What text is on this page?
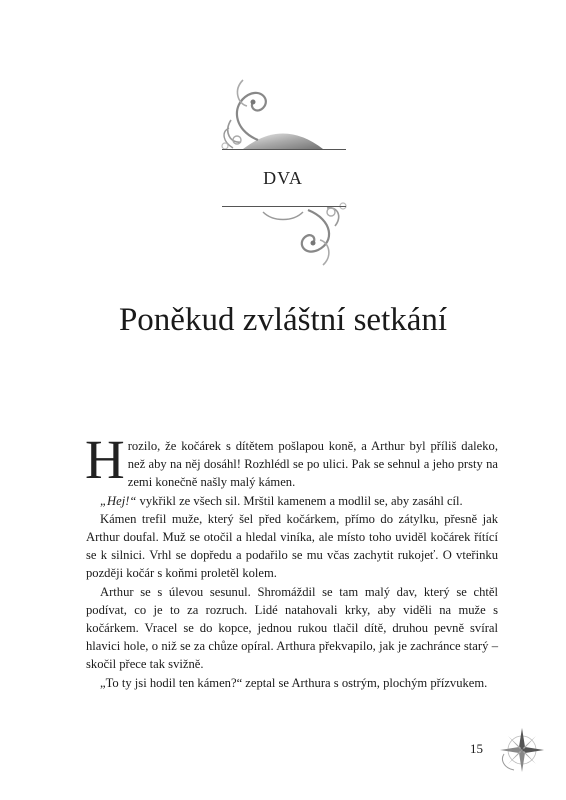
DVA
Poněkud zvláštní setkání

Hrozilo, že kočárek s dítětem pošlapou koně, a Arthur byl příliš daleko, než aby na něj dosáhl! Rozhlédl se po ulici. Pak se sehnul a jeho prsty na zemi konečně našly malý kámen.

„Hej!“ vykřikl ze všech sil. Mrštil kamenem a modlil se, aby zasáhl cíl.

Kámen trefil muže, který šel před kočárkem, přímo do zátylku, přesně jak Arthur doufal. Muž se otočil a hledal viníka, ale místo toho uviděl kočárek řítící se k silnici. Vrhl se dopředu a podařilo se mu včas zachytit rukojeť. O vteřinku později kočár s koňmi proletěl kolem.

Arthur se s úlevou sesunul. Shromáždil se tam malý dav, který se chtěl podívat, co je to za rozruch. Lidé natahovali krky, aby viděli na muže s kočárkem. Vracel se do kopce, jednou rukou tlačil dítě, druhou pevně svíral hlavici hole, o niž se za chůze opíral. Arthura překvapilo, jak je zachránce starý – skočil přece tak svižně.

„To ty jsi hodil ten kámen?“ zeptal se Arthura s ostrým, plochým přízvukem.

15
